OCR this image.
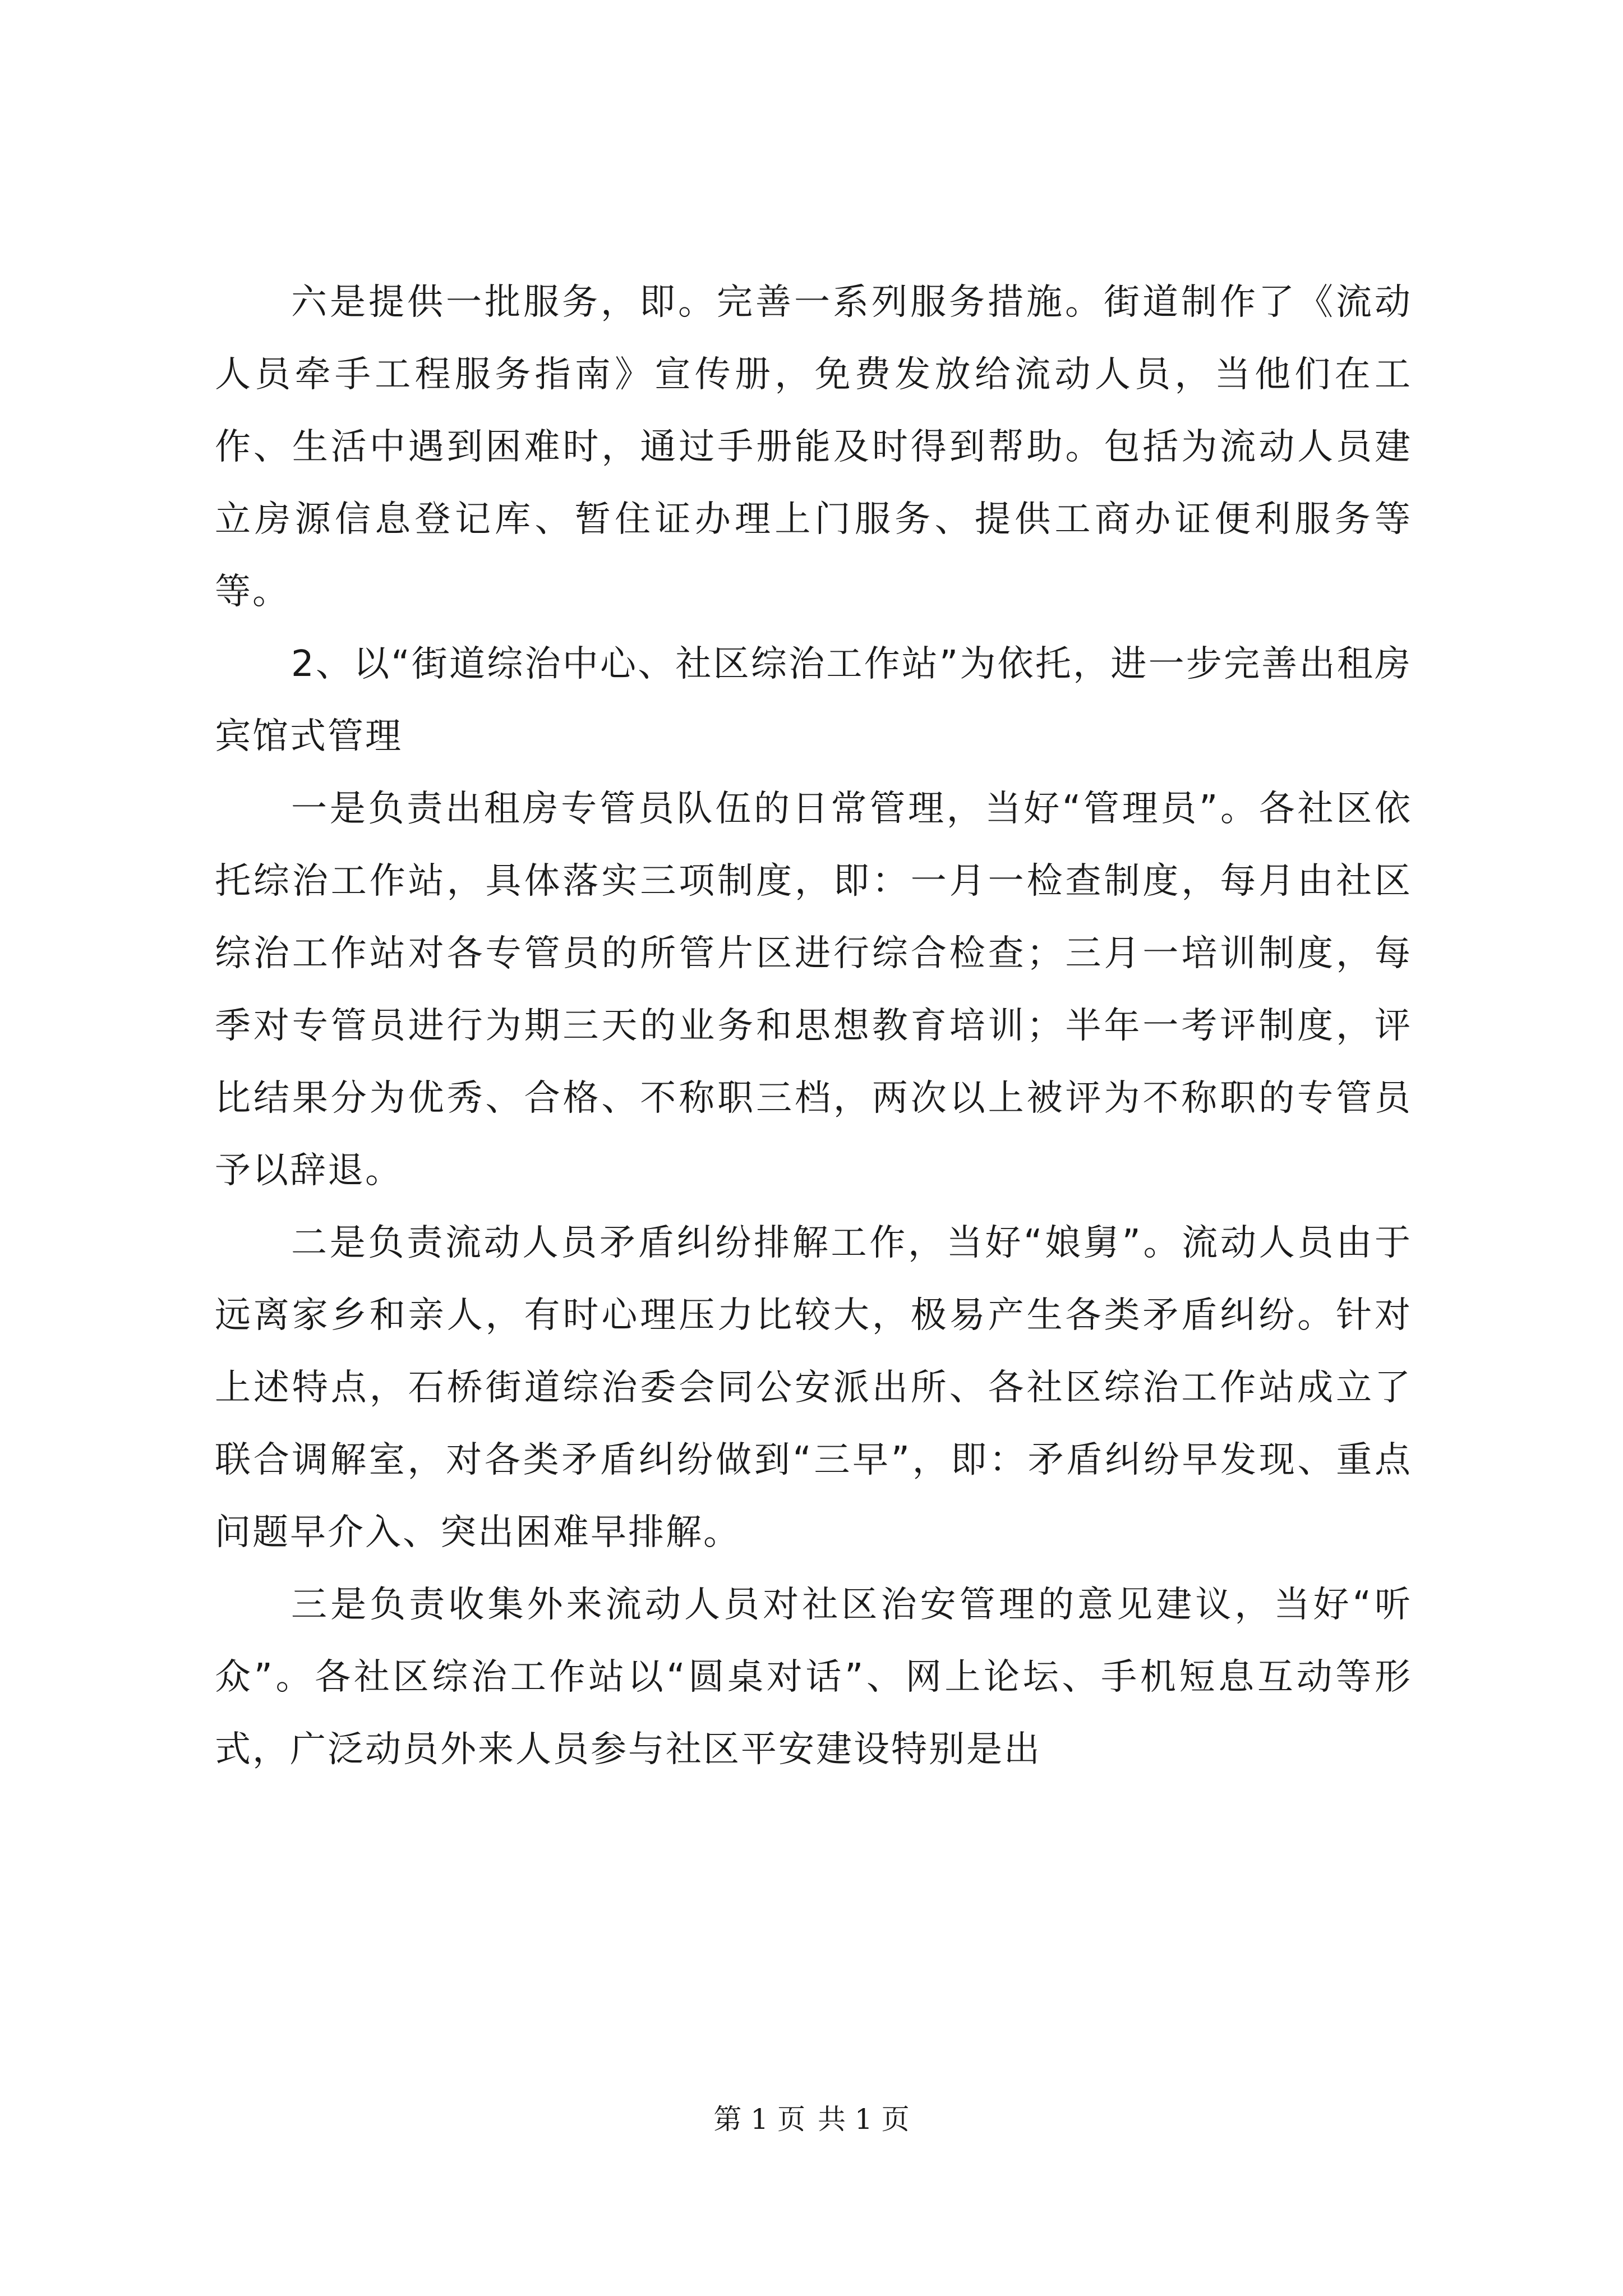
六是提供一批服务，即。完善一系列服务措施。街道制作了《流动人员牵手工程服务指南》宣传册，免费发放给流动人员，当他们在工作、生活中遇到困难时，通过手册能及时得到帮助。包括为流动人员建立房源信息登记库、暂住证办理上门服务、提供工商办证便利服务等等。

2、以“街道综治中心、社区综治工作站”为依托，进一步完善出租房宾馆式管理

一是负责出租房专管员队伍的日常管理，当好“管理员”。各社区依托综治工作站，具体落实三项制度，即：一月一检查制度，每月由社区综治工作站对各专管员的所管片区进行综合检查；三月一培训制度，每季对专管员进行为期三天的业务和思想教育培训；半年一考评制度，评比结果分为优秀、合格、不称职三档，两次以上被评为不称职的专管员予以辞退。

二是负责流动人员矛盾纠纷排解工作，当好“娘舅”。流动人员由于远离家乡和亲人，有时心理压力比较大，极易产生各类矛盾纠纷。针对上述特点，石桥街道综治委会同公安派出所、各社区综治工作站成立了联合调解室，对各类矛盾纠纷做到“三早”，即：矛盾纠纷早发现、重点问题早介入、突出困难早排解。

三是负责收集外来流动人员对社区治安管理的意见建议，当好“听众”。各社区综治工作站以“圆桌对话”、网上论坛、手机短息互动等形式，广泛动员外来人员参与社区平安建设特别是出

第 1 页 共 1 页
